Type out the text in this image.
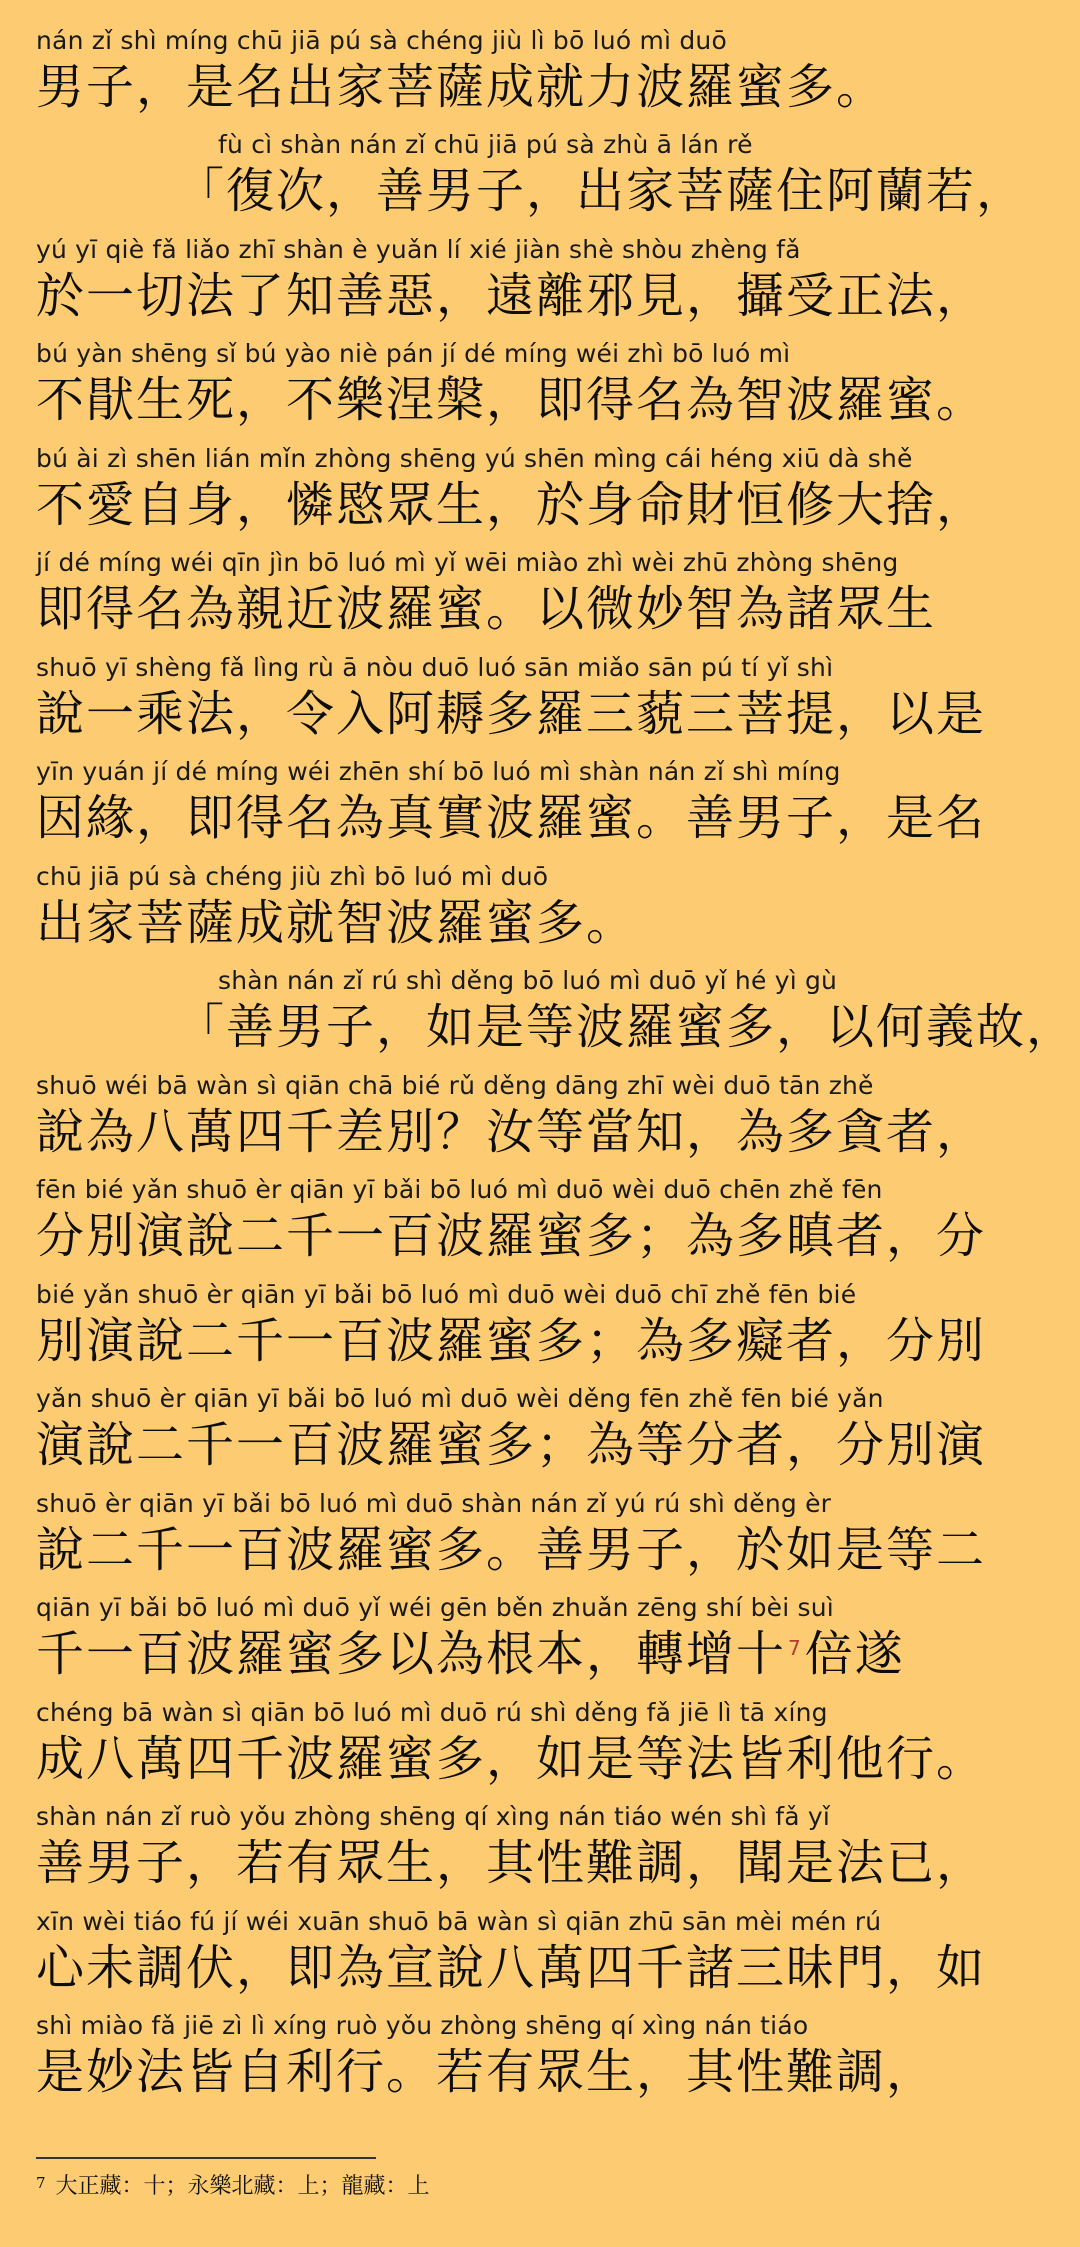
nán zǐ shì míng chū jiā pú sà chéng jiù lì bō luó mì duō
男子，是名出家菩薩成就力波羅蜜多。
fù cì shàn nán zǐ chū jiā pú sà zhù ā lán rě
「復次，善男子，出家菩薩住阿蘭若，
yú yī qiè fǎ liǎo zhī shàn è yuǎn lí xié jiàn shè shòu zhèng fǎ
於一切法了知善惡，遠離邪見，攝受正法，
bú yàn shēng sǐ bú yào niè pán jí dé míng wéi zhì bō luó mì
不猒生死，不樂涅槃，即得名為智波羅蜜。
bú ài zì shēn lián mǐn zhòng shēng yú shēn mìng cái héng xiū dà shě
不愛自身，憐愍眾生，於身命財恒修大捨，
jí dé míng wéi qīn jìn bō luó mì yǐ wēi miào zhì wèi zhū zhòng shēng
即得名為親近波羅蜜。以微妙智為諸眾生
shuō yī shèng fǎ lìng rù ā nòu duō luó sān miǎo sān pú tí yǐ shì
說一乘法，令入阿耨多羅三藐三菩提，以是
yīn yuán jí dé míng wéi zhēn shí bō luó mì shàn nán zǐ shì míng
因緣，即得名為真實波羅蜜。善男子，是名
chū jiā pú sà chéng jiù zhì bō luó mì duō
出家菩薩成就智波羅蜜多。
shàn nán zǐ rú shì děng bō luó mì duō yǐ hé yì gù
「善男子，如是等波羅蜜多，以何義故，
shuō wéi bā wàn sì qiān chā bié rǔ děng dāng zhī wèi duō tān zhě
說為八萬四千差別？汝等當知，為多貪者，
fēn bié yǎn shuō èr qiān yī bǎi bō luó mì duō wèi duō chēn zhě fēn
分別演說二千一百波羅蜜多；為多瞋者，分
bié yǎn shuō èr qiān yī bǎi bō luó mì duō wèi duō chī zhě fēn bié
別演說二千一百波羅蜜多；為多癡者，分別
yǎn shuō èr qiān yī bǎi bō luó mì duō wèi děng fēn zhě fēn bié yǎn
演說二千一百波羅蜜多；為等分者，分別演
shuō èr qiān yī bǎi bō luó mì duō shàn nán zǐ yú rú shì děng èr
說二千一百波羅蜜多。善男子，於如是等二
qiān yī bǎi bō luó mì duō yǐ wéi gēn běn zhuǎn zēng shí bèi suì
千一百波羅蜜多以為根本，轉增十 $^7$倍遂
chéng bā wàn sì qiān bō luó mì duō rú shì děng fǎ jiē lì tā xíng
成八萬四千波羅蜜多，如是等法皆利他行。
shàn nán zǐ ruò yǒu zhòng shēng qí xìng nán tiáo wén shì fǎ yǐ
善男子，若有眾生，其性難調，聞是法已，
xīn wèi tiáo fú jí wéi xuān shuō bā wàn sì qiān zhū sān mèi mén rú
心未調伏，即為宣說八萬四千諸三昧門，如
shì miào fǎ jiē zì lì xíng ruò yǒu zhòng shēng qí xìng nán tiáo
是妙法皆自利行。若有眾生，其性難調，
$^7$ 大正藏：十；永樂北藏：上；龍藏：上
